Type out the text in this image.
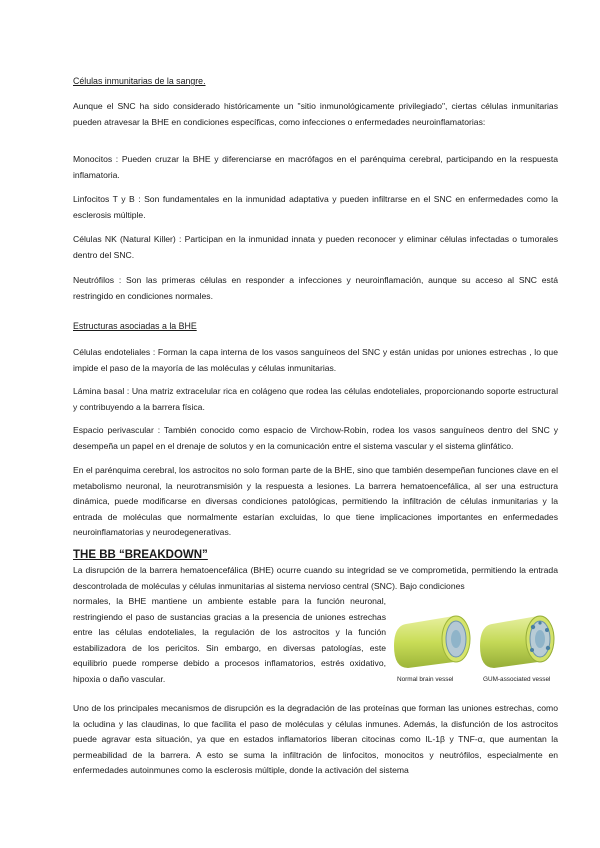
Células inmunitarias de la sangre.

Aunque el SNC ha sido considerado históricamente un "sitio inmunológicamente privilegiado", ciertas células inmunitarias pueden atravesar la BHE en condiciones específicas, como infecciones o enfermedades neuroinflamatorias:

Monocitos : Pueden cruzar la BHE y diferenciarse en macrófagos en el parénquima cerebral, participando en la respuesta inflamatoria.

Linfocitos T y B : Son fundamentales en la inmunidad adaptativa y pueden infiltrarse en el SNC en enfermedades como la esclerosis múltiple.

Células NK (Natural Killer) : Participan en la inmunidad innata y pueden reconocer y eliminar células infectadas o tumorales dentro del SNC.

Neutrófilos : Son las primeras células en responder a infecciones y neuroinflamación, aunque su acceso al SNC está restringido en condiciones normales.

Estructuras asociadas a la BHE

Células endoteliales : Forman la capa interna de los vasos sanguíneos del SNC y están unidas por uniones estrechas , lo que impide el paso de la mayoría de las moléculas y células inmunitarias.

Lámina basal : Una matriz extracelular rica en colágeno que rodea las células endoteliales, proporcionando soporte estructural y contribuyendo a la barrera física.

Espacio perivascular : También conocido como espacio de Virchow-Robin, rodea los vasos sanguíneos dentro del SNC y desempeña un papel en el drenaje de solutos y en la comunicación entre el sistema vascular y el sistema glinfático.

En el parénquima cerebral, los astrocitos no solo forman parte de la BHE, sino que también desempeñan funciones clave en el metabolismo neuronal, la neurotransmisión y la respuesta a lesiones. La barrera hematoencefálica, al ser una estructura dinámica, puede modificarse en diversas condiciones patológicas, permitiendo la infiltración de células inmunitarias y la entrada de moléculas que normalmente estarían excluidas, lo que tiene implicaciones importantes en enfermedades neuroinflamatorias y neurodegenerativas.

THE BB “BREAKDOWN”

La disrupción de la barrera hematoencefálica (BHE) ocurre cuando su integridad se ve comprometida, permitiendo la entrada descontrolada de moléculas y células inmunitarias al sistema nervioso central (SNC). Bajo condiciones

normales, la BHE mantiene un ambiente estable para la función neuronal, restringiendo el paso de sustancias gracias a la presencia de uniones estrechas entre las células endoteliales, la regulación de los astrocitos y la función estabilizadora de los pericitos. Sin embargo, en diversas patologías, este equilibrio puede romperse debido a procesos inflamatorios, estrés oxidativo, hipoxia o daño vascular.	Normal brain vessel	GUM-associated vessel

Uno de los principales mecanismos de disrupción es la degradación de las proteínas que forman las uniones estrechas, como la ocludina y las claudinas, lo que facilita el paso de moléculas y células inmunes. Además, la disfunción de los astrocitos puede agravar esta situación, ya que en estados inflamatorios liberan citocinas como IL-1β y TNF-α, que aumentan la permeabilidad de la barrera. A esto se suma la infiltración de linfocitos, monocitos y neutrófilos, especialmente en enfermedades autoinmunes como la esclerosis múltiple, donde la activación del sistema
